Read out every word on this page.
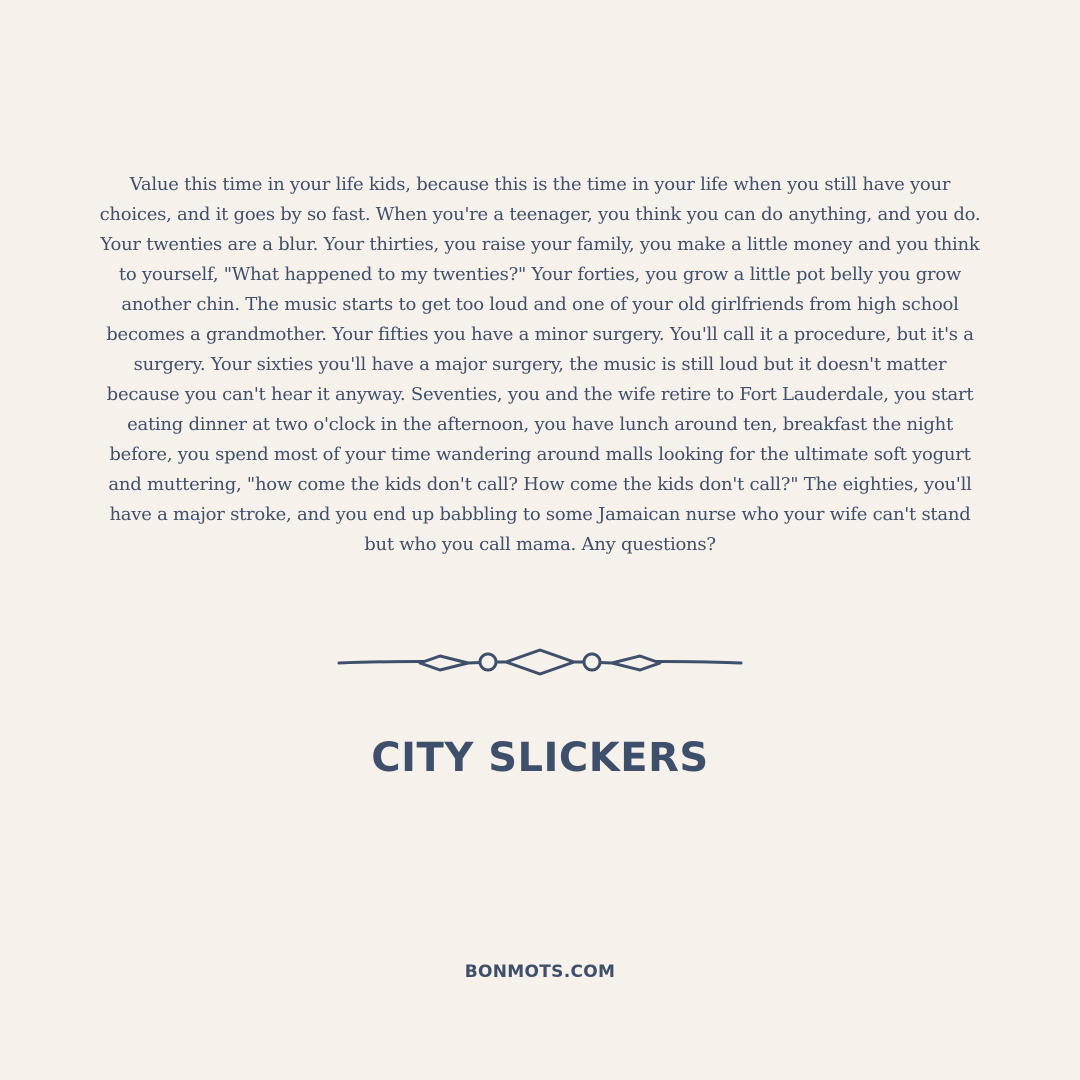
Value this time in your life kids, because this is the time in your life when you still have your choices, and it goes by so fast. When you're a teenager, you think you can do anything, and you do. Your twenties are a blur. Your thirties, you raise your family, you make a little money and you think to yourself, "What happened to my twenties?" Your forties, you grow a little pot belly you grow another chin. The music starts to get too loud and one of your old girlfriends from high school becomes a grandmother. Your fifties you have a minor surgery. You'll call it a procedure, but it's a surgery. Your sixties you'll have a major surgery, the music is still loud but it doesn't matter because you can't hear it anyway. Seventies, you and the wife retire to Fort Lauderdale, you start eating dinner at two o'clock in the afternoon, you have lunch around ten, breakfast the night before, you spend most of your time wandering around malls looking for the ultimate soft yogurt and muttering, "how come the kids don't call? How come the kids don't call?" The eighties, you'll have a major stroke, and you end up babbling to some Jamaican nurse who your wife can't stand but who you call mama. Any questions?

CITY SLICKERS
BONMOTS.COM
